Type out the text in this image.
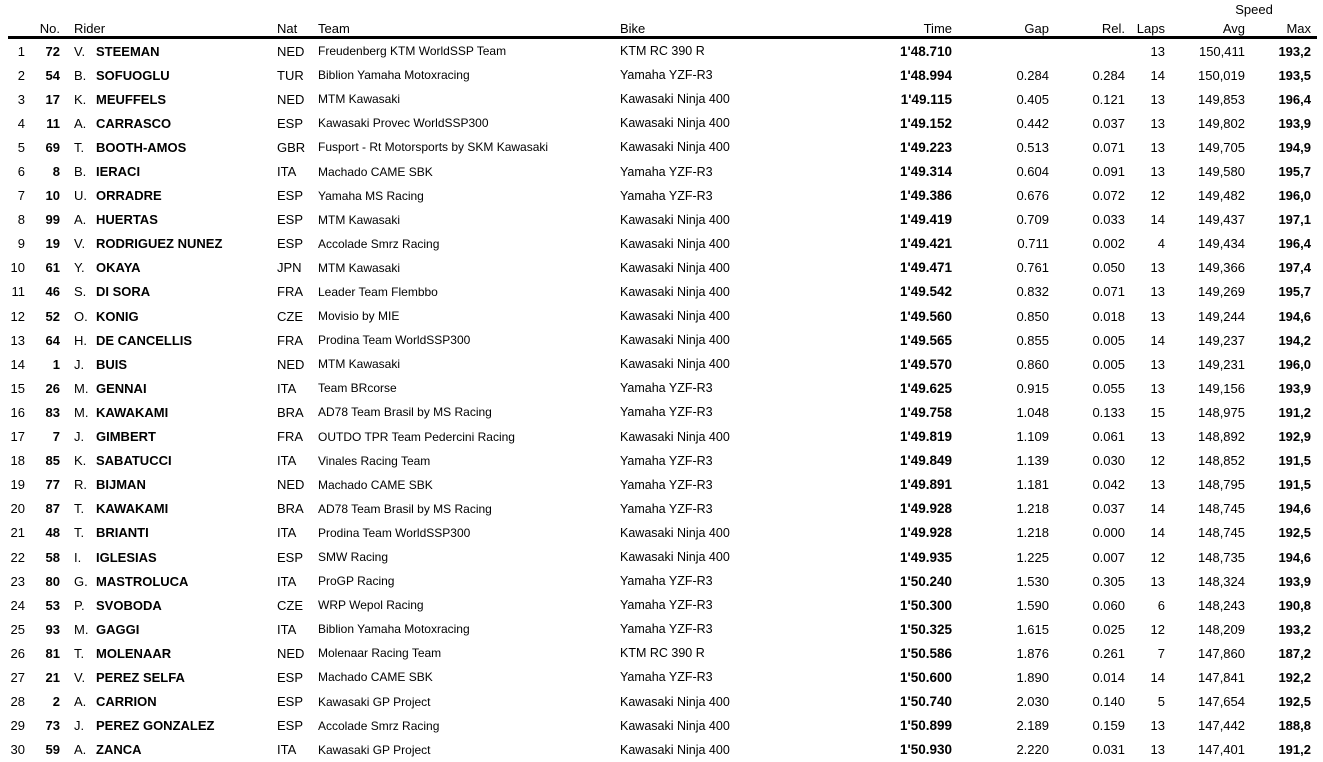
										Speed	
	No.	Rider	Nat	Team	Bike	Time	Gap	Rel.	Laps	Avg	Max
1	72	V. STEEMAN	NED	Freudenberg KTM WorldSSP Team	KTM RC 390 R	1'48.710			13	150,411	193,2
2	54	B. SOFUOGLU	TUR	Biblion Yamaha Motoxracing	Yamaha YZF-R3	1'48.994	0.284	0.284	14	150,019	193,5
3	17	K. MEUFFELS	NED	MTM Kawasaki	Kawasaki Ninja 400	1'49.115	0.405	0.121	13	149,853	196,4
4	11	A. CARRASCO	ESP	Kawasaki Provec WorldSSP300	Kawasaki Ninja 400	1'49.152	0.442	0.037	13	149,802	193,9
5	69	T. BOOTH-AMOS	GBR	Fusport - Rt Motorsports by SKM Kawasaki	Kawasaki Ninja 400	1'49.223	0.513	0.071	13	149,705	194,9
6	8	B. IERACI	ITA	Machado CAME SBK	Yamaha YZF-R3	1'49.314	0.604	0.091	13	149,580	195,7
7	10	U. ORRADRE	ESP	Yamaha MS Racing	Yamaha YZF-R3	1'49.386	0.676	0.072	12	149,482	196,0
8	99	A. HUERTAS	ESP	MTM Kawasaki	Kawasaki Ninja 400	1'49.419	0.709	0.033	14	149,437	197,1
9	19	V. RODRIGUEZ NUNEZ	ESP	Accolade Smrz Racing	Kawasaki Ninja 400	1'49.421	0.711	0.002	4	149,434	196,4
10	61	Y. OKAYA	JPN	MTM Kawasaki	Kawasaki Ninja 400	1'49.471	0.761	0.050	13	149,366	197,4
11	46	S. DI SORA	FRA	Leader Team Flembbo	Kawasaki Ninja 400	1'49.542	0.832	0.071	13	149,269	195,7
12	52	O. KONIG	CZE	Movisio by MIE	Kawasaki Ninja 400	1'49.560	0.850	0.018	13	149,244	194,6
13	64	H. DE CANCELLIS	FRA	Prodina Team WorldSSP300	Kawasaki Ninja 400	1'49.565	0.855	0.005	14	149,237	194,2
14	1	J. BUIS	NED	MTM Kawasaki	Kawasaki Ninja 400	1'49.570	0.860	0.005	13	149,231	196,0
15	26	M. GENNAI	ITA	Team BRcorse	Yamaha YZF-R3	1'49.625	0.915	0.055	13	149,156	193,9
16	83	M. KAWAKAMI	BRA	AD78 Team Brasil by MS Racing	Yamaha YZF-R3	1'49.758	1.048	0.133	15	148,975	191,2
17	7	J. GIMBERT	FRA	OUTDO TPR Team Pedercini Racing	Kawasaki Ninja 400	1'49.819	1.109	0.061	13	148,892	192,9
18	85	K. SABATUCCI	ITA	Vinales Racing Team	Yamaha YZF-R3	1'49.849	1.139	0.030	12	148,852	191,5
19	77	R. BIJMAN	NED	Machado CAME SBK	Yamaha YZF-R3	1'49.891	1.181	0.042	13	148,795	191,5
20	87	T. KAWAKAMI	BRA	AD78 Team Brasil by MS Racing	Yamaha YZF-R3	1'49.928	1.218	0.037	14	148,745	194,6
21	48	T. BRIANTI	ITA	Prodina Team WorldSSP300	Kawasaki Ninja 400	1'49.928	1.218	0.000	14	148,745	192,5
22	58	I. IGLESIAS	ESP	SMW Racing	Kawasaki Ninja 400	1'49.935	1.225	0.007	12	148,735	194,6
23	80	G. MASTROLUCA	ITA	ProGP Racing	Yamaha YZF-R3	1'50.240	1.530	0.305	13	148,324	193,9
24	53	P. SVOBODA	CZE	WRP Wepol Racing	Yamaha YZF-R3	1'50.300	1.590	0.060	6	148,243	190,8
25	93	M. GAGGI	ITA	Biblion Yamaha Motoxracing	Yamaha YZF-R3	1'50.325	1.615	0.025	12	148,209	193,2
26	81	T. MOLENAAR	NED	Molenaar Racing Team	KTM RC 390 R	1'50.586	1.876	0.261	7	147,860	187,2
27	21	V. PEREZ SELFA	ESP	Machado CAME SBK	Yamaha YZF-R3	1'50.600	1.890	0.014	14	147,841	192,2
28	2	A. CARRION	ESP	Kawasaki GP Project	Kawasaki Ninja 400	1'50.740	2.030	0.140	5	147,654	192,5
29	73	J. PEREZ GONZALEZ	ESP	Accolade Smrz Racing	Kawasaki Ninja 400	1'50.899	2.189	0.159	13	147,442	188,8
30	59	A. ZANCA	ITA	Kawasaki GP Project	Kawasaki Ninja 400	1'50.930	2.220	0.031	13	147,401	191,2
